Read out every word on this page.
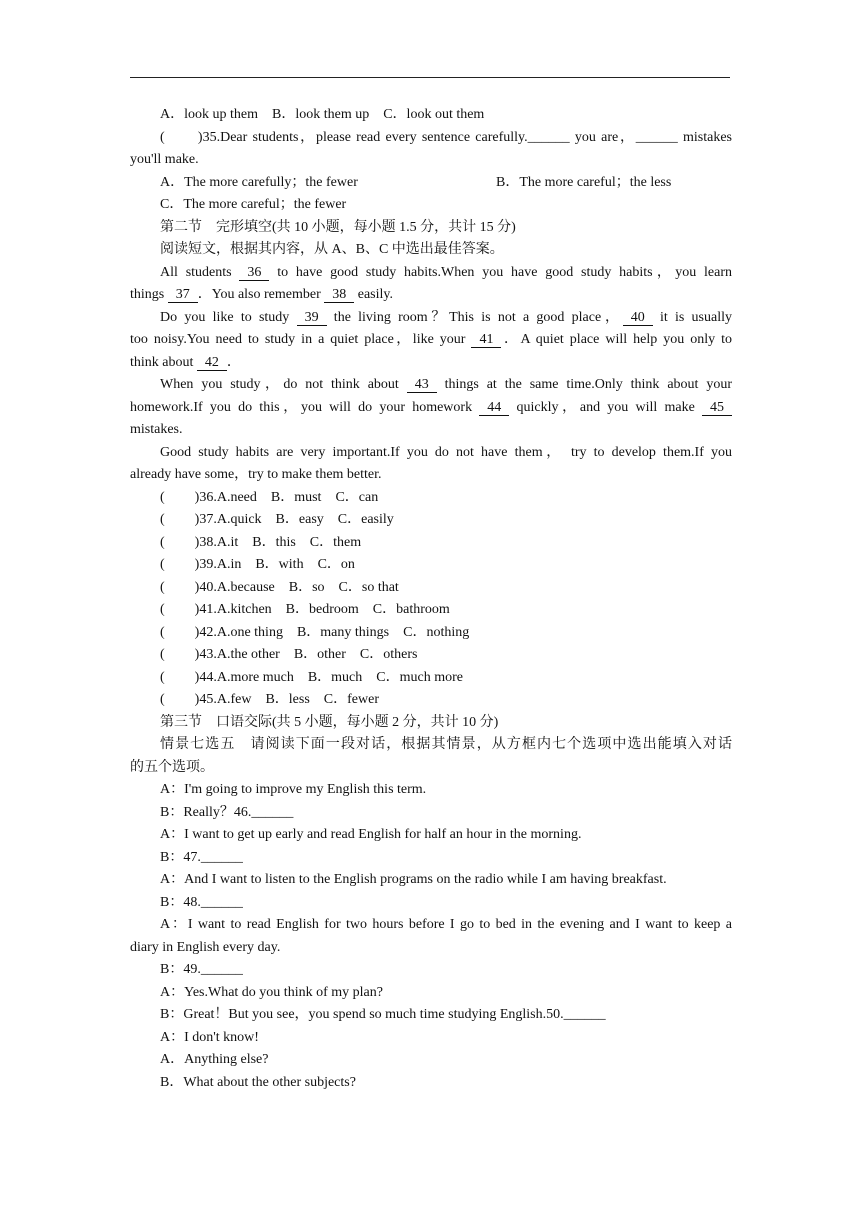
A．look up them　B．look them up　C．look out them
(　　)35.Dear students，please read every sentence carefully.______ you are，______ mistakes
you'll make.
A．The more carefully；the fewer	B．The more careful；the less
C．The more careful；the fewer
第二节　完形填空(共 10 小题，每小题 1.5 分，共计 15 分)
阅读短文，根据其内容，从 A、B、C 中选出最佳答案。
All students 36 to have good study habits.When you have good study habits，you learn
things 37 ．You also remember 38 easily.
Do you like to study 39 the living room？This is not a good place， 40 it is usually
too noisy.You need to study in a quiet place，like your 41 ．A quiet place will help you only to
think about 42 ．
When you study，do not think about 43 things at the same time.Only think about your
homework.If you do this，you will do your homework 44 quickly，and you will make 45
mistakes.
Good study habits are very important.If you do not have them， try to develop them.If you
already have some，try to make them better.
( )36.A.need　B．must　C．can
( )37.A.quick　B．easy　C．easily
( )38.A.it　B．this　C．them
( )39.A.in　B．with　C．on
( )40.A.because　B．so　C．so that
( )41.A.kitchen　B．bedroom　C．bathroom
( )42.A.one thing　B．many things　C．nothing
( )43.A.the other　B．other　C．others
( )44.A.more much　B．much　C．much more
( )45.A.few　B．less　C．fewer
第三节　口语交际(共 5 小题，每小题 2 分，共计 10 分)
情景七选五　请阅读下面一段对话，根据其情景，从方框内七个选项中选出能填入对话
的五个选项。
A：I'm going to improve my English this term.
B：Really？46.______
A：I want to get up early and read English for half an hour in the morning.
B：47.______
A：And I want to listen to the English programs on the radio while I am having breakfast.
B：48.______
A：I want to read English for two hours before I go to bed in the evening and I want to keep a
diary in English every day.
B：49.______
A：Yes.What do you think of my plan?
B：Great！But you see，you spend so much time studying English.50.______
A：I don't know!
A．Anything else?
B．What about the other subjects?
